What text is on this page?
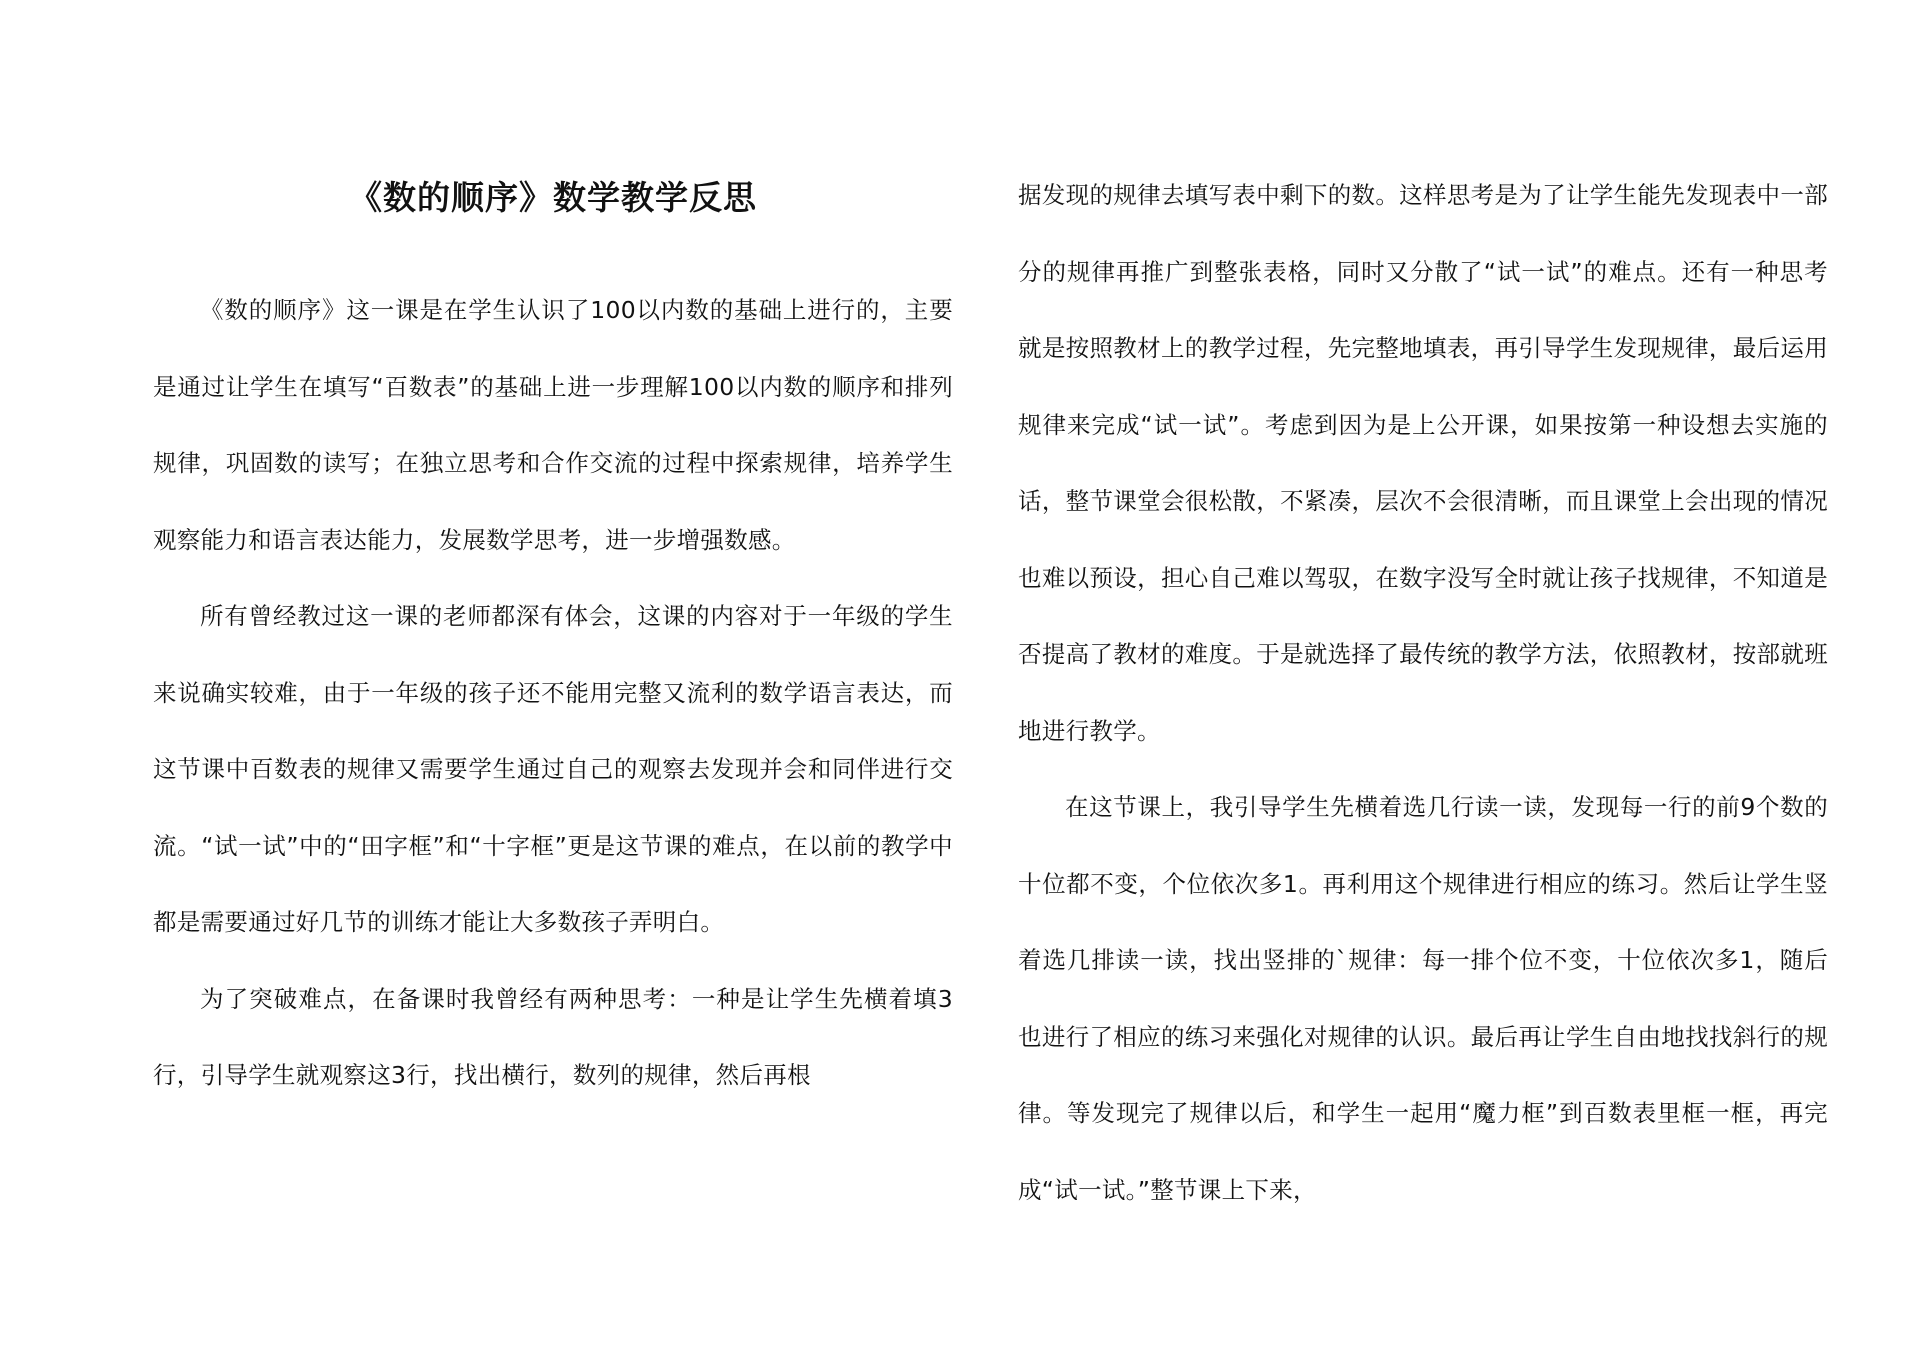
《数的顺序》数学教学反思

《数的顺序》这一课是在学生认识了100以内数的基础上进行的，主要是通过让学生在填写“百数表”的基础上进一步理解100以内数的顺序和排列规律，巩固数的读写；在独立思考和合作交流的过程中探索规律，培养学生观察能力和语言表达能力，发展数学思考，进一步增强数感。

所有曾经教过这一课的老师都深有体会，这课的内容对于一年级的学生来说确实较难，由于一年级的孩子还不能用完整又流利的数学语言表达，而这节课中百数表的规律又需要学生通过自己的观察去发现并会和同伴进行交流。“试一试”中的“田字框”和“十字框”更是这节课的难点，在以前的教学中都是需要通过好几节的训练才能让大多数孩子弄明白。

为了突破难点，在备课时我曾经有两种思考：一种是让学生先横着填3行，引导学生就观察这3行，找出横行，数列的规律，然后再根

据发现的规律去填写表中剩下的数。这样思考是为了让学生能先发现表中一部分的规律再推广到整张表格，同时又分散了“试一试”的难点。还有一种思考就是按照教材上的教学过程，先完整地填表，再引导学生发现规律，最后运用规律来完成“试一试”。考虑到因为是上公开课，如果按第一种设想去实施的话，整节课堂会很松散，不紧凑，层次不会很清晰，而且课堂上会出现的情况也难以预设，担心自己难以驾驭，在数字没写全时就让孩子找规律，不知道是否提高了教材的难度。于是就选择了最传统的教学方法，依照教材，按部就班地进行教学。

在这节课上，我引导学生先横着选几行读一读，发现每一行的前9个数的十位都不变，个位依次多1。再利用这个规律进行相应的练习。然后让学生竖着选几排读一读，找出竖排的`规律：每一排个位不变，十位依次多1，随后也进行了相应的练习来强化对规律的认识。最后再让学生自由地找找斜行的规律。等发现完了规律以后，和学生一起用“魔力框”到百数表里框一框，再完成“试一试。”整节课上下来，
